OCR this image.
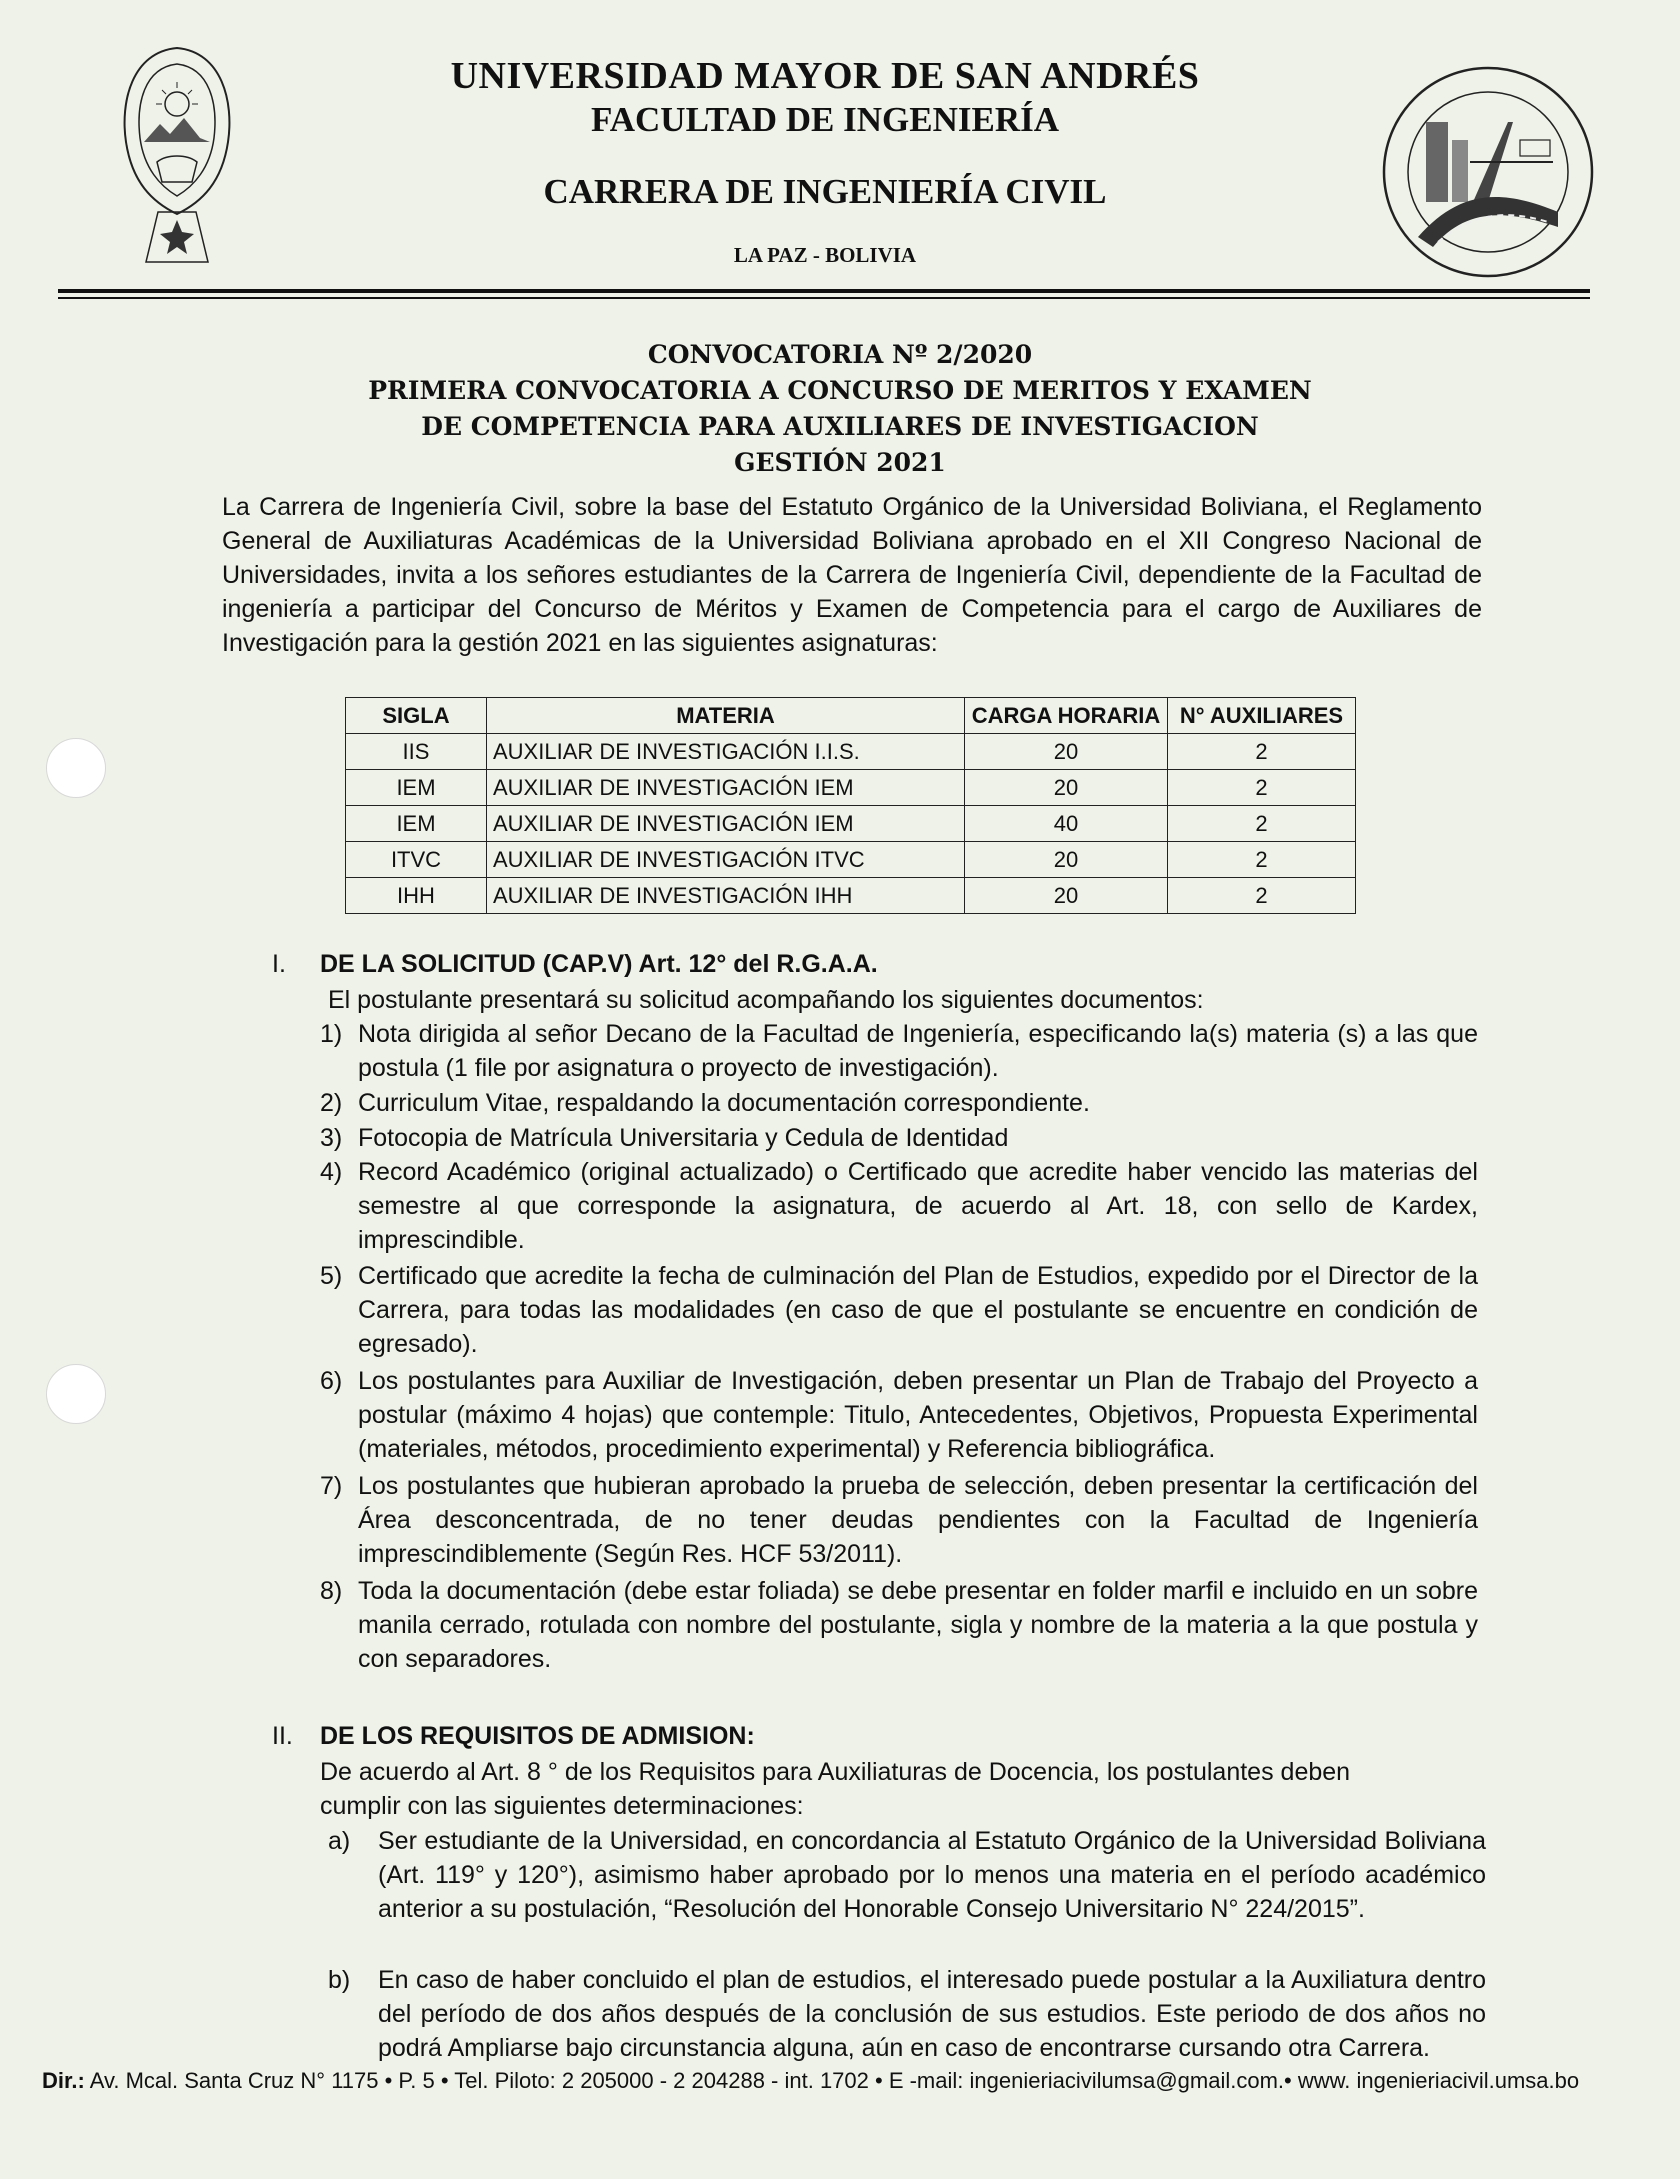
UNIVERSIDAD MAYOR DE SAN ANDRÉS
FACULTAD DE INGENIERÍA
CARRERA DE INGENIERÍA CIVIL
LA PAZ - BOLIVIA
CONVOCATORIA Nº 2/2020
PRIMERA CONVOCATORIA A CONCURSO DE MERITOS Y EXAMEN
DE COMPETENCIA PARA AUXILIARES DE INVESTIGACION
GESTIÓN 2021
La Carrera de Ingeniería Civil, sobre la base del Estatuto Orgánico de la Universidad Boliviana, el Reglamento General de Auxiliaturas Académicas de la Universidad Boliviana aprobado en el XII Congreso Nacional de Universidades, invita a los señores estudiantes de la Carrera de Ingeniería Civil, dependiente de la Facultad de ingeniería a participar del Concurso de Méritos y Examen de Competencia para el cargo de Auxiliares de Investigación para la gestión 2021 en las siguientes asignaturas:
SIGLA	MATERIA	CARGA HORARIA	N° AUXILIARES
IIS	AUXILIAR DE INVESTIGACIÓN I.I.S.	20	2
IEM	AUXILIAR DE INVESTIGACIÓN IEM	20	2
IEM	AUXILIAR DE INVESTIGACIÓN IEM	40	2
ITVC	AUXILIAR DE INVESTIGACIÓN ITVC	20	2
IHH	AUXILIAR DE INVESTIGACIÓN IHH	20	2
I. DE LA SOLICITUD (CAP.V) Art. 12° del R.G.A.A.
El postulante presentará su solicitud acompañando los siguientes documentos:
1) Nota dirigida al señor Decano de la Facultad de Ingeniería, especificando la(s) materia (s) a las que postula (1 file por asignatura o proyecto de investigación).
2) Curriculum Vitae, respaldando la documentación correspondiente.
3) Fotocopia de Matrícula Universitaria y Cedula de Identidad
4) Record Académico (original actualizado) o Certificado que acredite haber vencido las materias del semestre al que corresponde la asignatura, de acuerdo al Art. 18, con sello de Kardex, imprescindible.
5) Certificado que acredite la fecha de culminación del Plan de Estudios, expedido por el Director de la Carrera, para todas las modalidades (en caso de que el postulante se encuentre en condición de egresado).
6) Los postulantes para Auxiliar de Investigación, deben presentar un Plan de Trabajo del Proyecto a postular (máximo 4 hojas) que contemple: Titulo, Antecedentes, Objetivos, Propuesta Experimental (materiales, métodos, procedimiento experimental) y Referencia bibliográfica.
7) Los postulantes que hubieran aprobado la prueba de selección, deben presentar la certificación del Área desconcentrada, de no tener deudas pendientes con la Facultad de Ingeniería imprescindiblemente (Según Res. HCF 53/2011).
8) Toda la documentación (debe estar foliada) se debe presentar en folder marfil e incluido en un sobre manila cerrado, rotulada con nombre del postulante, sigla y nombre de la materia a la que postula y con separadores.
II. DE LOS REQUISITOS DE ADMISION:
De acuerdo al Art. 8 ° de los Requisitos para Auxiliaturas de Docencia, los postulantes deben cumplir con las siguientes determinaciones:
a) Ser estudiante de la Universidad, en concordancia al Estatuto Orgánico de la Universidad Boliviana (Art. 119° y 120°), asimismo haber aprobado por lo menos una materia en el período académico anterior a su postulación, “Resolución del Honorable Consejo Universitario N° 224/2015”.
b) En caso de haber concluido el plan de estudios, el interesado puede postular a la Auxiliatura dentro del período de dos años después de la conclusión de sus estudios. Este periodo de dos años no podrá Ampliarse bajo circunstancia alguna, aún en caso de encontrarse cursando otra Carrera.
Dir.: Av. Mcal. Santa Cruz N° 1175 • P. 5 • Tel. Piloto: 2 205000 - 2 204288 - int. 1702 • E -mail: ingenieriacivilumsa@gmail.com.• www. ingenieriacivil.umsa.bo
